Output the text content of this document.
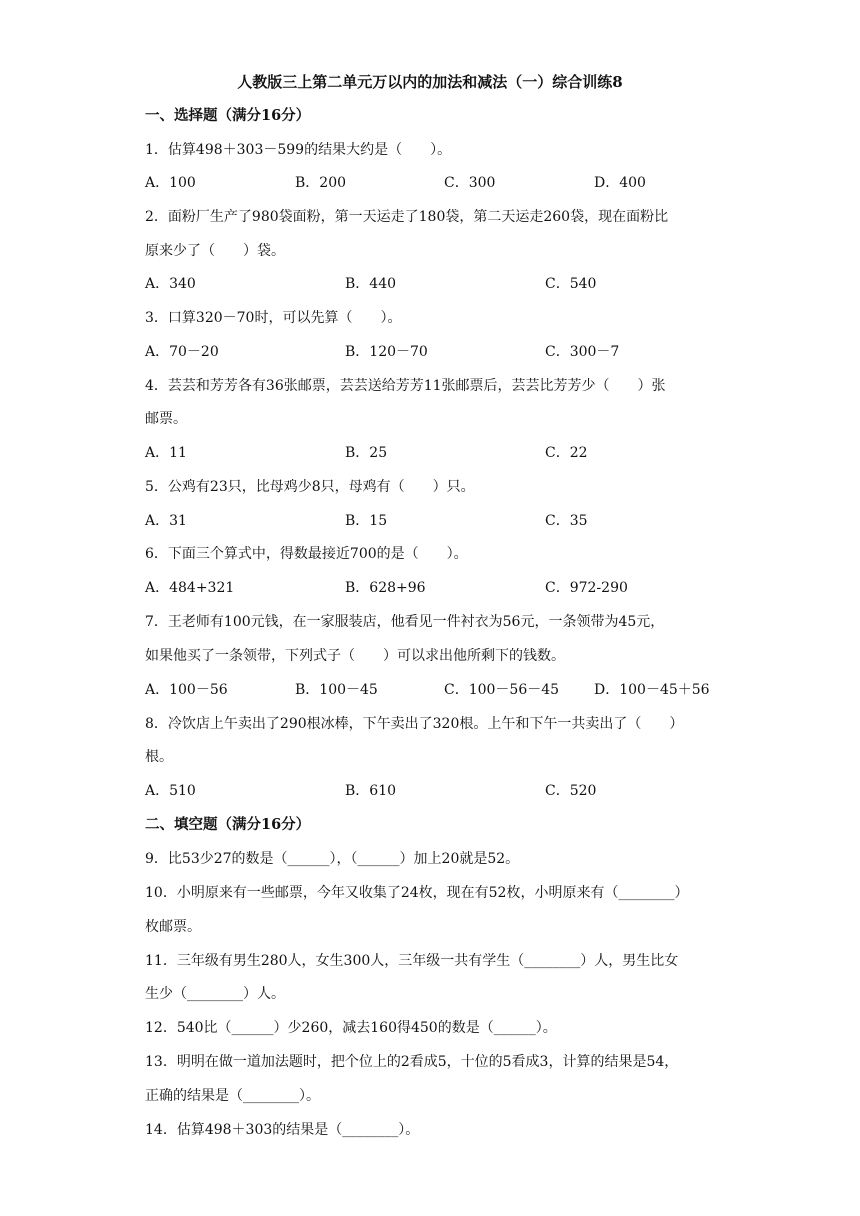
人教版三上第二单元万以内的加法和减法（一）综合训练8
一、选择题（满分16分）
1．估算498＋303－599的结果大约是（　　）。
A．100	B．200	C．300	D．400
2．面粉厂生产了980袋面粉，第一天运走了180袋，第二天运走260袋，现在面粉比
原来少了（　　）袋。
A．340	B．440	C．540
3．口算320－70时，可以先算（　　）。
A．70－20	B．120－70	C．300－7
4．芸芸和芳芳各有36张邮票，芸芸送给芳芳11张邮票后，芸芸比芳芳少（　　）张
邮票。
A．11	B．25	C．22
5．公鸡有23只，比母鸡少8只，母鸡有（　　）只。
A．31	B．15	C．35
6．下面三个算式中，得数最接近700的是（　　）。
A．484+321	B．628+96	C．972-290
7．王老师有100元钱，在一家服装店，他看见一件衬衣为56元，一条领带为45元，
如果他买了一条领带，下列式子（　　）可以求出他所剩下的钱数。
A．100－56	B．100－45	C．100－56－45 D．100－45＋56
8．冷饮店上午卖出了290根冰棒，下午卖出了320根。上午和下午一共卖出了（　　）
根。
A．510	B．610	C．520
二、填空题（满分16分）
9．比53少27的数是（______），（______）加上20就是52。
10．小明原来有一些邮票，今年又收集了24枚，现在有52枚，小明原来有（________）
枚邮票。
11．三年级有男生280人，女生300人，三年级一共有学生（________）人，男生比女
生少（________）人。
12．540比（______）少260，减去160得450的数是（______）。
13．明明在做一道加法题时，把个位上的2看成5，十位的5看成3，计算的结果是54，
正确的结果是（________）。
14．估算498＋303的结果是（________）。
